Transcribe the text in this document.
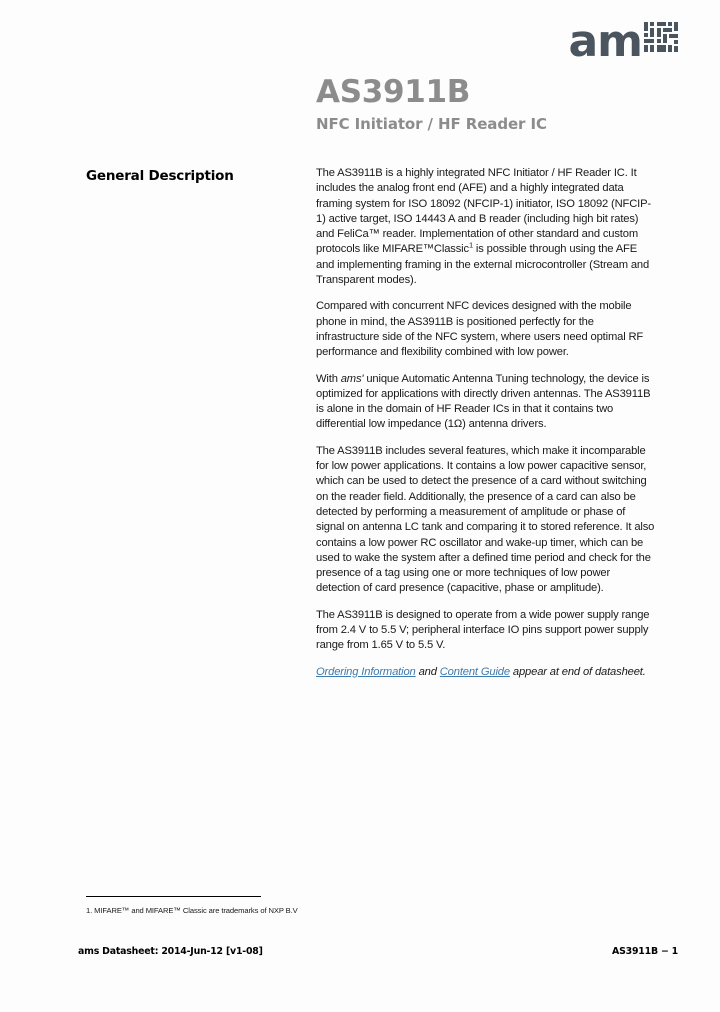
am
AS3911B
NFC Initiator / HF Reader IC
General Description	The AS3911B is a highly integrated NFC Initiator / HF Reader IC. It includes the analog front end (AFE) and a highly integrated data framing system for ISO 18092 (NFCIP-1) initiator, ISO 18092 (NFCIP-1) active target, ISO 14443 A and B reader (including high bit rates) and FeliCa™ reader. Implementation of other standard and custom protocols like MIFARE™Classic$^1$ is possible through using the AFE and implementing framing in the external microcontroller (Stream and Transparent modes).

Compared with concurrent NFC devices designed with the mobile phone in mind, the AS3911B is positioned perfectly for the infrastructure side of the NFC system, where users need optimal RF performance and flexibility combined with low power.

With ams' unique Automatic Antenna Tuning technology, the device is optimized for applications with directly driven antennas. The AS3911B is alone in the domain of HF Reader ICs in that it contains two differential low impedance (1Ω) antenna drivers.

The AS3911B includes several features, which make it incomparable for low power applications. It contains a low power capacitive sensor, which can be used to detect the presence of a card without switching on the reader field. Additionally, the presence of a card can also be detected by performing a measurement of amplitude or phase of signal on antenna LC tank and comparing it to stored reference. It also contains a low power RC oscillator and wake-up timer, which can be used to wake the system after a defined time period and check for the presence of a tag using one or more techniques of low power detection of card presence (capacitive, phase or amplitude).

The AS3911B is designed to operate from a wide power supply range from 2.4 V to 5.5 V; peripheral interface IO pins support power supply range from 1.65 V to 5.5 V.

Ordering Information and Content Guide appear at end of datasheet.

1. MIFARE™ and MIFARE™ Classic are trademarks of NXP B.V
ams Datasheet: 2014-Jun-12 [v1-08]	AS3911B − 1
